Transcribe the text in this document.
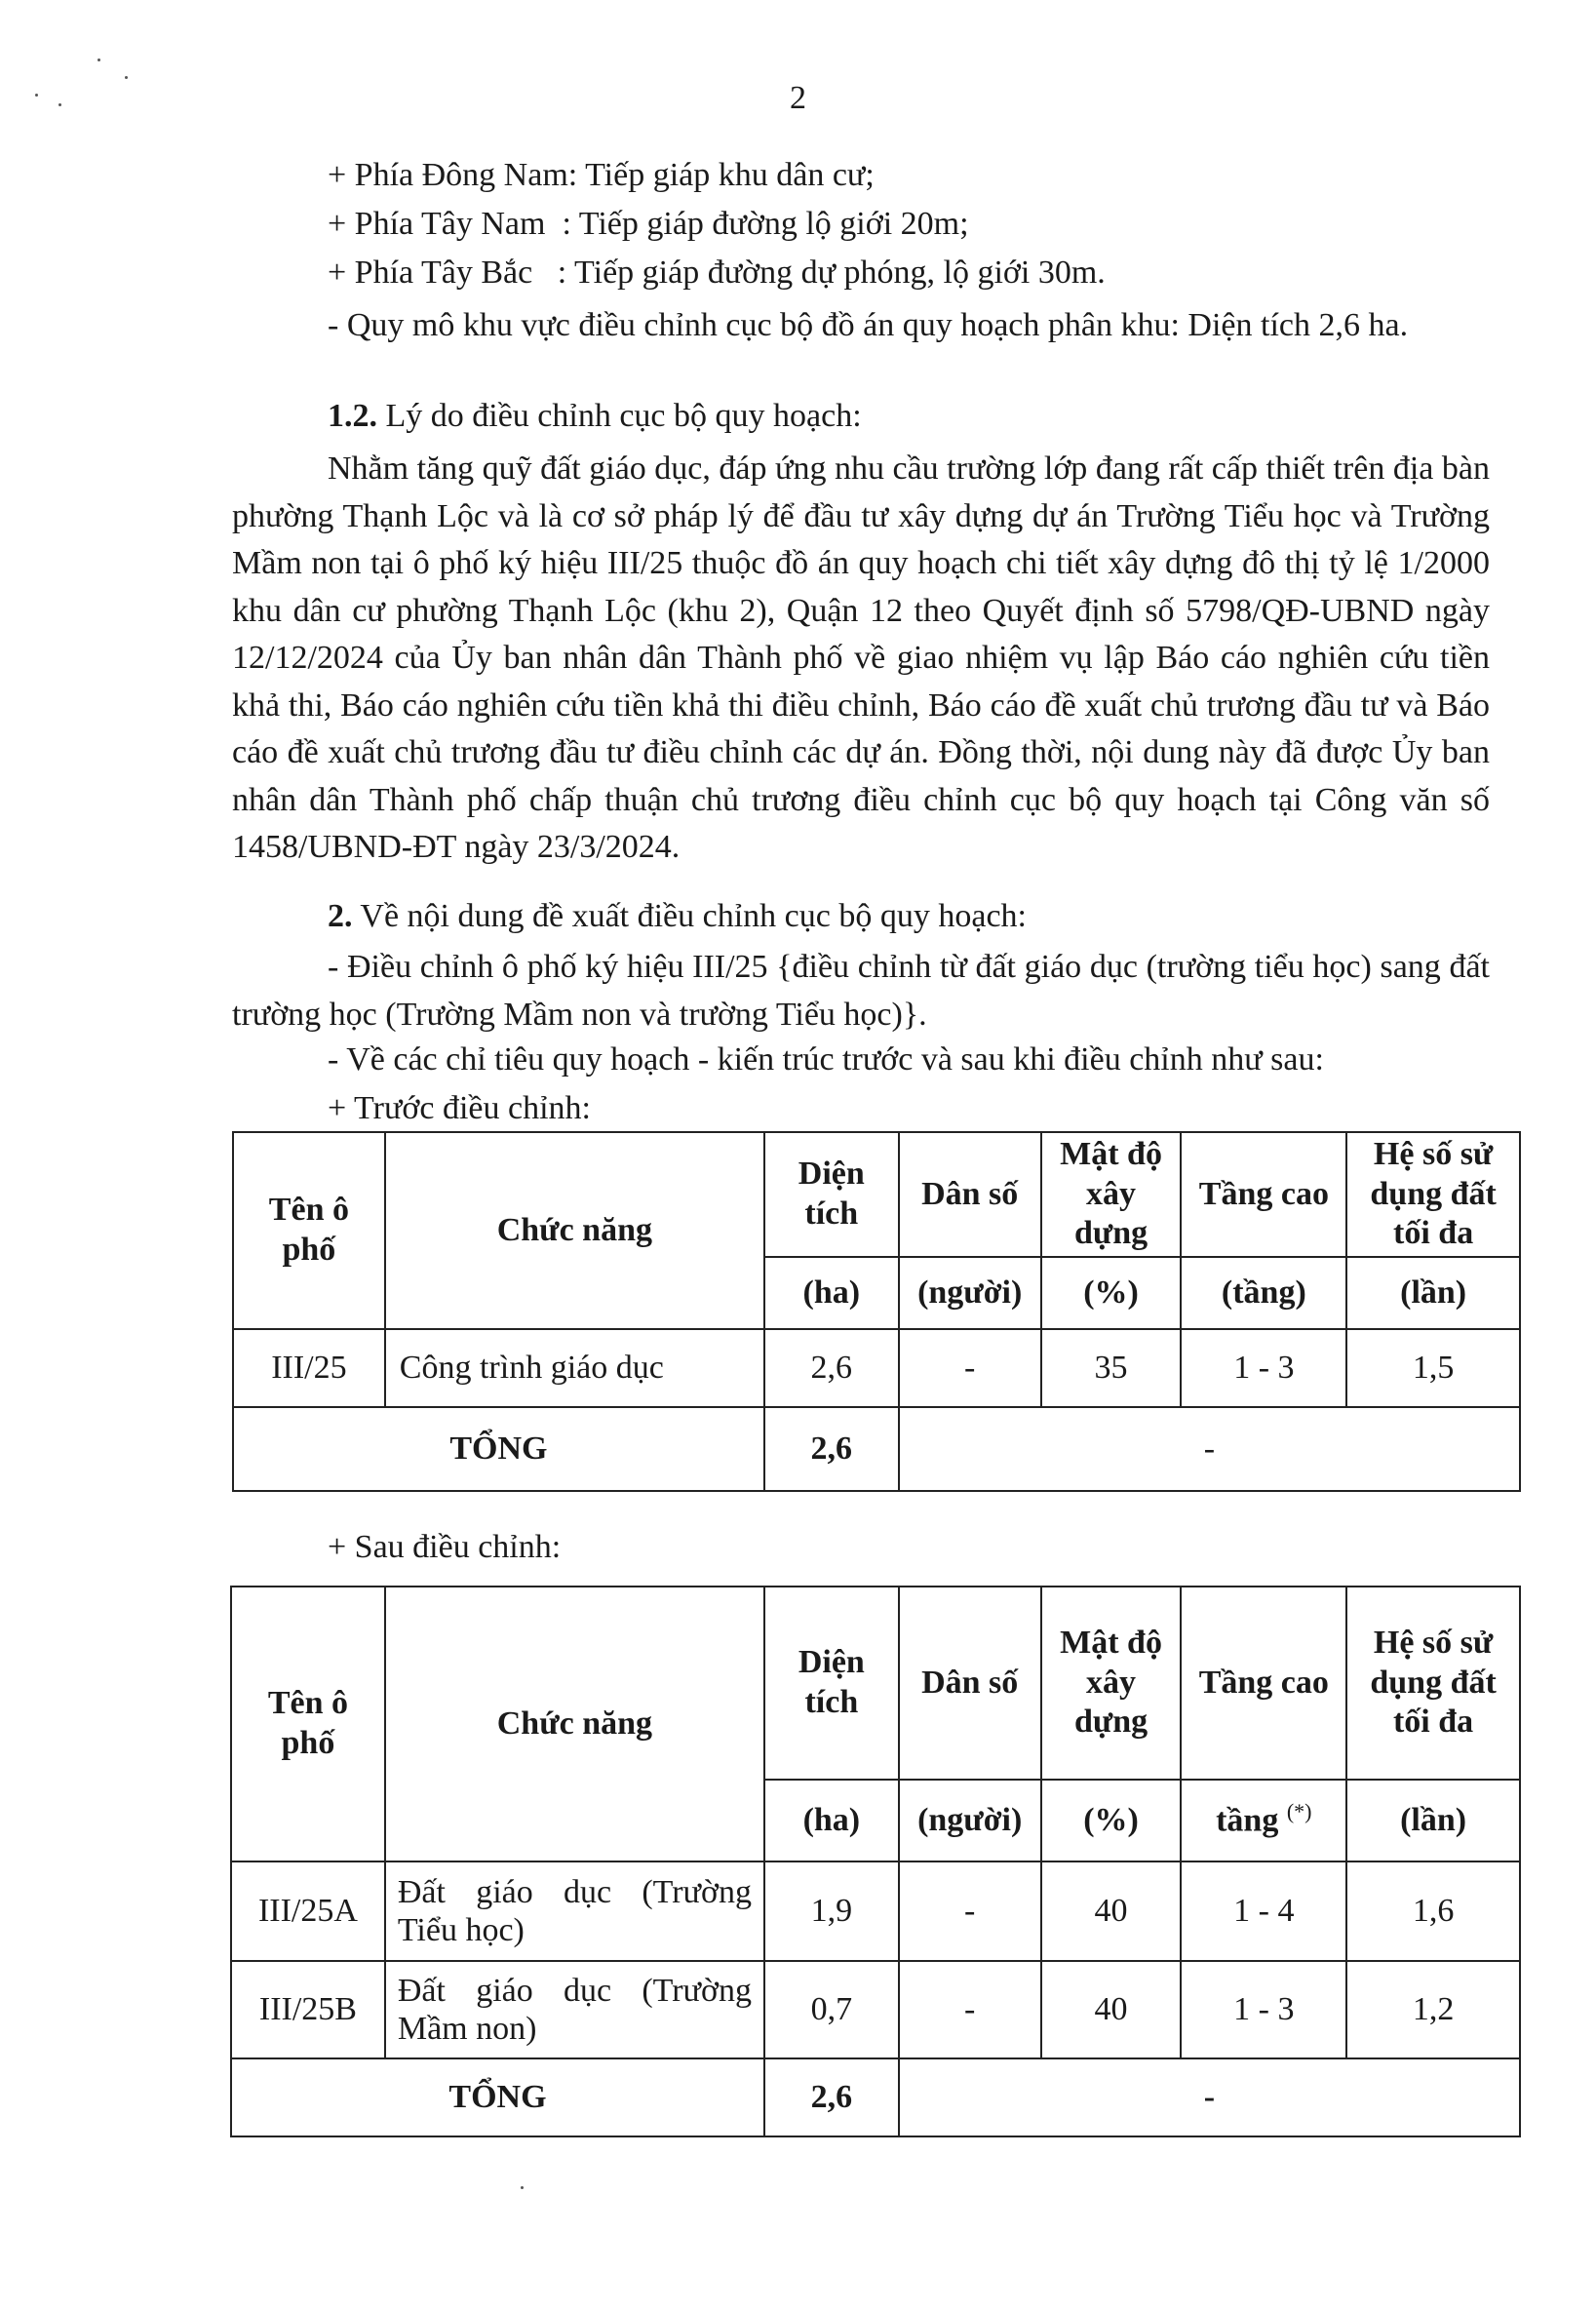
2
+ Phía Đông Nam: Tiếp giáp khu dân cư;
+ Phía Tây Nam  : Tiếp giáp đường lộ giới 20m;
+ Phía Tây Bắc   : Tiếp giáp đường dự phóng, lộ giới 30m.
- Quy mô khu vực điều chỉnh cục bộ đồ án quy hoạch phân khu: Diện tích 2,6 ha.
1.2. Lý do điều chỉnh cục bộ quy hoạch:
Nhằm tăng quỹ đất giáo dục, đáp ứng nhu cầu trường lớp đang rất cấp thiết trên địa bàn phường Thạnh Lộc và là cơ sở pháp lý để đầu tư xây dựng dự án Trường Tiểu học và Trường Mầm non tại ô phố ký hiệu III/25 thuộc đồ án quy hoạch chi tiết xây dựng đô thị tỷ lệ 1/2000 khu dân cư phường Thạnh Lộc (khu 2), Quận 12 theo Quyết định số 5798/QĐ-UBND ngày 12/12/2024 của Ủy ban nhân dân Thành phố về giao nhiệm vụ lập Báo cáo nghiên cứu tiền khả thi, Báo cáo nghiên cứu tiền khả thi điều chỉnh, Báo cáo đề xuất chủ trương đầu tư và Báo cáo đề xuất chủ trương đầu tư điều chỉnh các dự án. Đồng thời, nội dung này đã được Ủy ban nhân dân Thành phố chấp thuận chủ trương điều chỉnh cục bộ quy hoạch tại Công văn số 1458/UBND-ĐT ngày 23/3/2024.
2. Về nội dung đề xuất điều chỉnh cục bộ quy hoạch:
- Điều chỉnh ô phố ký hiệu III/25 {điều chỉnh từ đất giáo dục (trường tiểu học) sang đất trường học (Trường Mầm non và trường Tiểu học)}.
- Về các chỉ tiêu quy hoạch - kiến trúc trước và sau khi điều chỉnh như sau:
+ Trước điều chỉnh:
Tên ô phố	Chức năng	Diện tích	Dân số	Mật độ xây dựng	Tầng cao	Hệ số sử dụng đất tối đa
		(ha)	(người)	(%)	(tầng)	(lần)
III/25	Công trình giáo dục	2,6	-	35	1 - 3	1,5
TỔNG		2,6	-			
+ Sau điều chỉnh:
Tên ô phố	Chức năng	Diện tích	Dân số	Mật độ xây dựng	Tầng cao	Hệ số sử dụng đất tối đa
		(ha)	(người)	(%)	tầng (*)	(lần)
III/25A	Đất giáo dục (Trường
Tiểu học)	1,9	-	40	1 - 4	1,6
III/25B	Đất giáo dục (Trường
Mầm non)	0,7	-	40	1 - 3	1,2
TỔNG		2,6	-			
